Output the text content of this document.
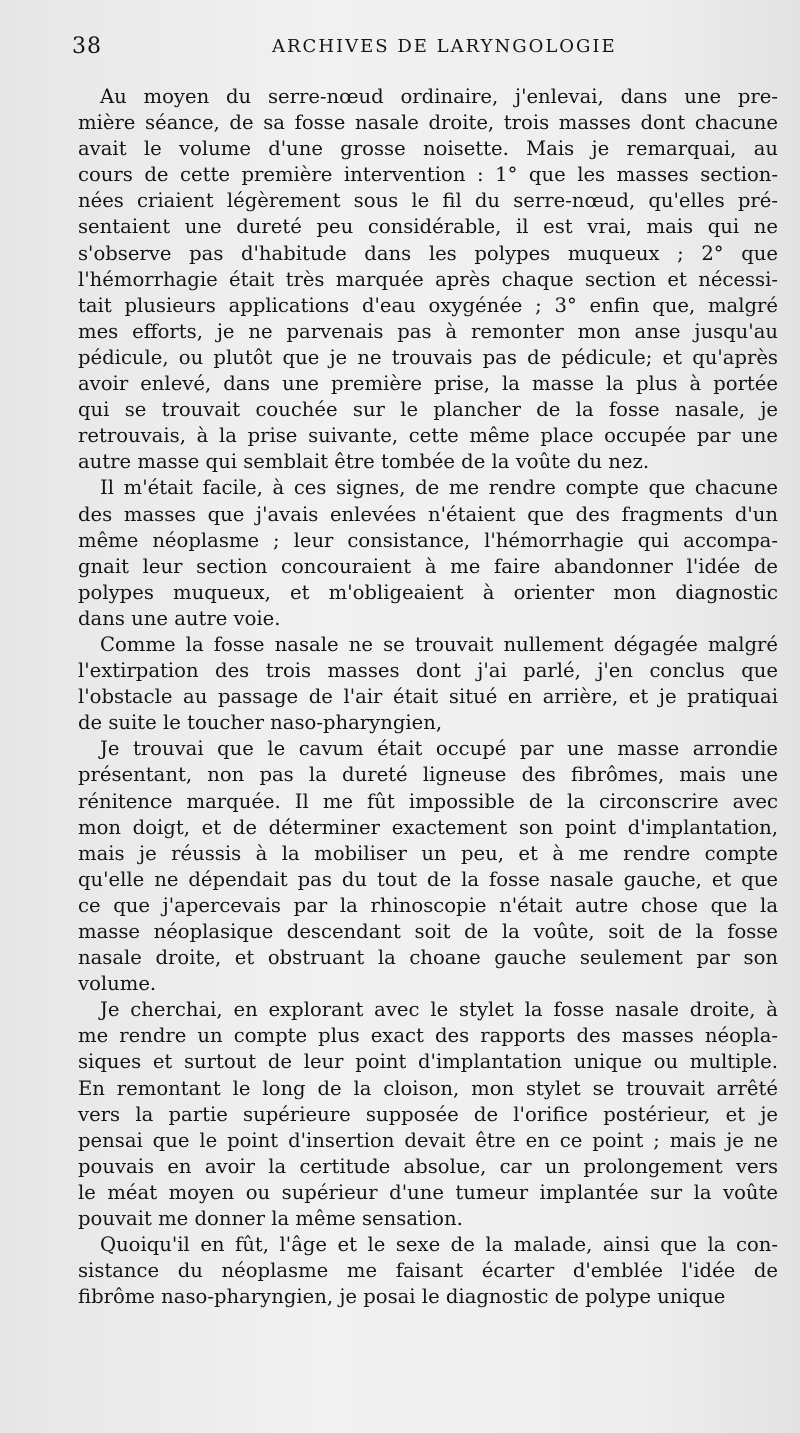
38	ARCHIVES DE LARYNGOLOGIE
Au moyen du serre-nœud ordinaire, j'enlevai, dans une pre-
mière séance, de sa fosse nasale droite, trois masses dont chacune
avait le volume d'une grosse noisette. Mais je remarquai, au
cours de cette première intervention : 1° que les masses section-
nées criaient légèrement sous le fil du serre-nœud, qu'elles pré-
sentaient une dureté peu considérable, il est vrai, mais qui ne
s'observe pas d'habitude dans les polypes muqueux ; 2° que
l'hémorrhagie était très marquée après chaque section et nécessi-
tait plusieurs applications d'eau oxygénée ; 3° enfin que, malgré
mes efforts, je ne parvenais pas à remonter mon anse jusqu'au
pédicule, ou plutôt que je ne trouvais pas de pédicule; et qu'après
avoir enlevé, dans une première prise, la masse la plus à portée
qui se trouvait couchée sur le plancher de la fosse nasale, je
retrouvais, à la prise suivante, cette même place occupée par une
autre masse qui semblait être tombée de la voûte du nez.
Il m'était facile, à ces signes, de me rendre compte que chacune
des masses que j'avais enlevées n'étaient que des fragments d'un
même néoplasme ; leur consistance, l'hémorrhagie qui accompa-
gnait leur section concouraient à me faire abandonner l'idée de
polypes muqueux, et m'obligeaient à orienter mon diagnostic
dans une autre voie.
Comme la fosse nasale ne se trouvait nullement dégagée malgré
l'extirpation des trois masses dont j'ai parlé, j'en conclus que
l'obstacle au passage de l'air était situé en arrière, et je pratiquai
de suite le toucher naso-pharyngien,
Je trouvai que le cavum était occupé par une masse arrondie
présentant, non pas la dureté ligneuse des fibrômes, mais une
rénitence marquée. Il me fût impossible de la circonscrire avec
mon doigt, et de déterminer exactement son point d'implantation,
mais je réussis à la mobiliser un peu, et à me rendre compte
qu'elle ne dépendait pas du tout de la fosse nasale gauche, et que
ce que j'apercevais par la rhinoscopie n'était autre chose que la
masse néoplasique descendant soit de la voûte, soit de la fosse
nasale droite, et obstruant la choane gauche seulement par son
volume.
Je cherchai, en explorant avec le stylet la fosse nasale droite, à
me rendre un compte plus exact des rapports des masses néopla-
siques et surtout de leur point d'implantation unique ou multiple.
En remontant le long de la cloison, mon stylet se trouvait arrêté
vers la partie supérieure supposée de l'orifice postérieur, et je
pensai que le point d'insertion devait être en ce point ; mais je ne
pouvais en avoir la certitude absolue, car un prolongement vers
le méat moyen ou supérieur d'une tumeur implantée sur la voûte
pouvait me donner la même sensation.
Quoiqu'il en fût, l'âge et le sexe de la malade, ainsi que la con-
sistance du néoplasme me faisant écarter d'emblée l'idée de
fibrôme naso-pharyngien, je posai le diagnostic de polype unique
